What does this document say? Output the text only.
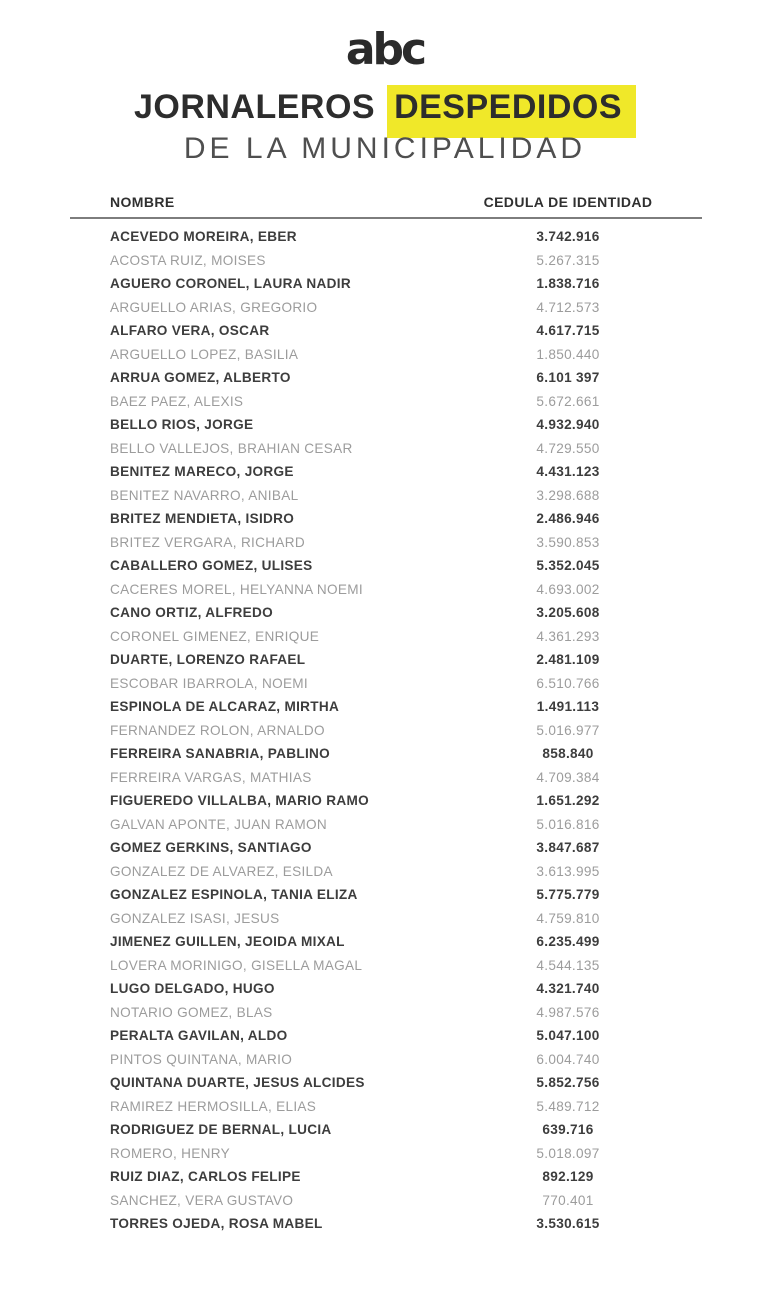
abc
JORNALEROS DESPEDIDOS
DE LA MUNICIPALIDAD
NOMBRE	CEDULA DE IDENTIDAD
ACEVEDO MOREIRA, EBER	3.742.916
ACOSTA RUIZ, MOISES	5.267.315
AGUERO CORONEL, LAURA NADIR	1.838.716
ARGUELLO ARIAS, GREGORIO	4.712.573
ALFARO VERA, OSCAR	4.617.715
ARGUELLO LOPEZ, BASILIA	1.850.440
ARRUA GOMEZ, ALBERTO	6.101 397
BAEZ PAEZ, ALEXIS	5.672.661
BELLO RIOS, JORGE	4.932.940
BELLO VALLEJOS, BRAHIAN CESAR	4.729.550
BENITEZ MARECO, JORGE	4.431.123
BENITEZ NAVARRO, ANIBAL	3.298.688
BRITEZ MENDIETA, ISIDRO	2.486.946
BRITEZ VERGARA, RICHARD	3.590.853
CABALLERO GOMEZ, ULISES	5.352.045
CACERES MOREL, HELYANNA NOEMI	4.693.002
CANO ORTIZ, ALFREDO	3.205.608
CORONEL GIMENEZ, ENRIQUE	4.361.293
DUARTE, LORENZO RAFAEL	2.481.109
ESCOBAR IBARROLA, NOEMI	6.510.766
ESPINOLA DE ALCARAZ, MIRTHA	1.491.113
FERNANDEZ ROLON, ARNALDO	5.016.977
FERREIRA SANABRIA, PABLINO	858.840
FERREIRA VARGAS, MATHIAS	4.709.384
FIGUEREDO VILLALBA, MARIO RAMO	1.651.292
GALVAN APONTE, JUAN RAMON	5.016.816
GOMEZ GERKINS, SANTIAGO	3.847.687
GONZALEZ DE ALVAREZ, ESILDA	3.613.995
GONZALEZ ESPINOLA, TANIA ELIZA	5.775.779
GONZALEZ ISASI, JESUS	4.759.810
JIMENEZ GUILLEN, JEOIDA MIXAL	6.235.499
LOVERA MORINIGO, GISELLA MAGAL	4.544.135
LUGO DELGADO, HUGO	4.321.740
NOTARIO GOMEZ, BLAS	4.987.576
PERALTA GAVILAN, ALDO	5.047.100
PINTOS QUINTANA, MARIO	6.004.740
QUINTANA DUARTE, JESUS ALCIDES	5.852.756
RAMIREZ HERMOSILLA, ELIAS	5.489.712
RODRIGUEZ DE BERNAL, LUCIA	639.716
ROMERO, HENRY	5.018.097
RUIZ DIAZ, CARLOS FELIPE	892.129
SANCHEZ, VERA GUSTAVO	770.401
TORRES OJEDA, ROSA MABEL	3.530.615
